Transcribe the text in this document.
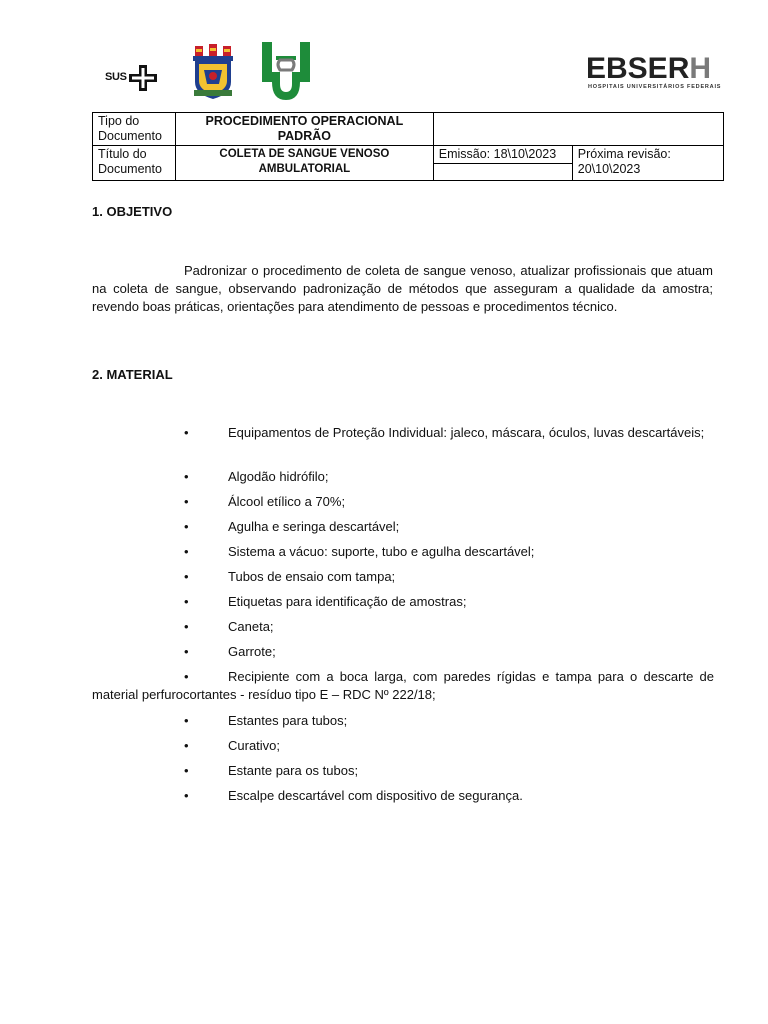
SUS	EBSERH
HOSPITAIS UNIVERSITÁRIOS FEDERAIS
Tipo do Documento	PROCEDIMENTO OPERACIONAL PADRÃO		
Título do Documento	COLETA DE SANGUE VENOSO AMBULATORIAL	Emissão: 18\10\2023	Próxima revisão: 20\10\2023

1. OBJETIVO

Padronizar o procedimento de coleta de sangue venoso, atualizar profissionais que atuam na coleta de sangue, observando padronização de métodos que asseguram a qualidade da amostra; revendo boas práticas, orientações para atendimento de pessoas e procedimentos técnico.

2. MATERIAL
•	Equipamentos de Proteção Individual: jaleco, máscara, óculos, luvas descartáveis;
•	Algodão hidrófilo;
•	Álcool etílico a 70%;
•	Agulha e seringa descartável;
•	Sistema a vácuo: suporte, tubo e agulha descartável;
•	Tubos de ensaio com tampa;
•	Etiquetas para identificação de amostras;
•	Caneta;
•	Garrote;
•	Recipiente com a boca larga, com paredes rígidas e tampa para o descarte de material perfurocortantes - resíduo tipo E – RDC Nº 222/18;
•	Estantes para tubos;
•	Curativo;
•	Estante para os tubos;
•	Escalpe descartável com dispositivo de segurança.
